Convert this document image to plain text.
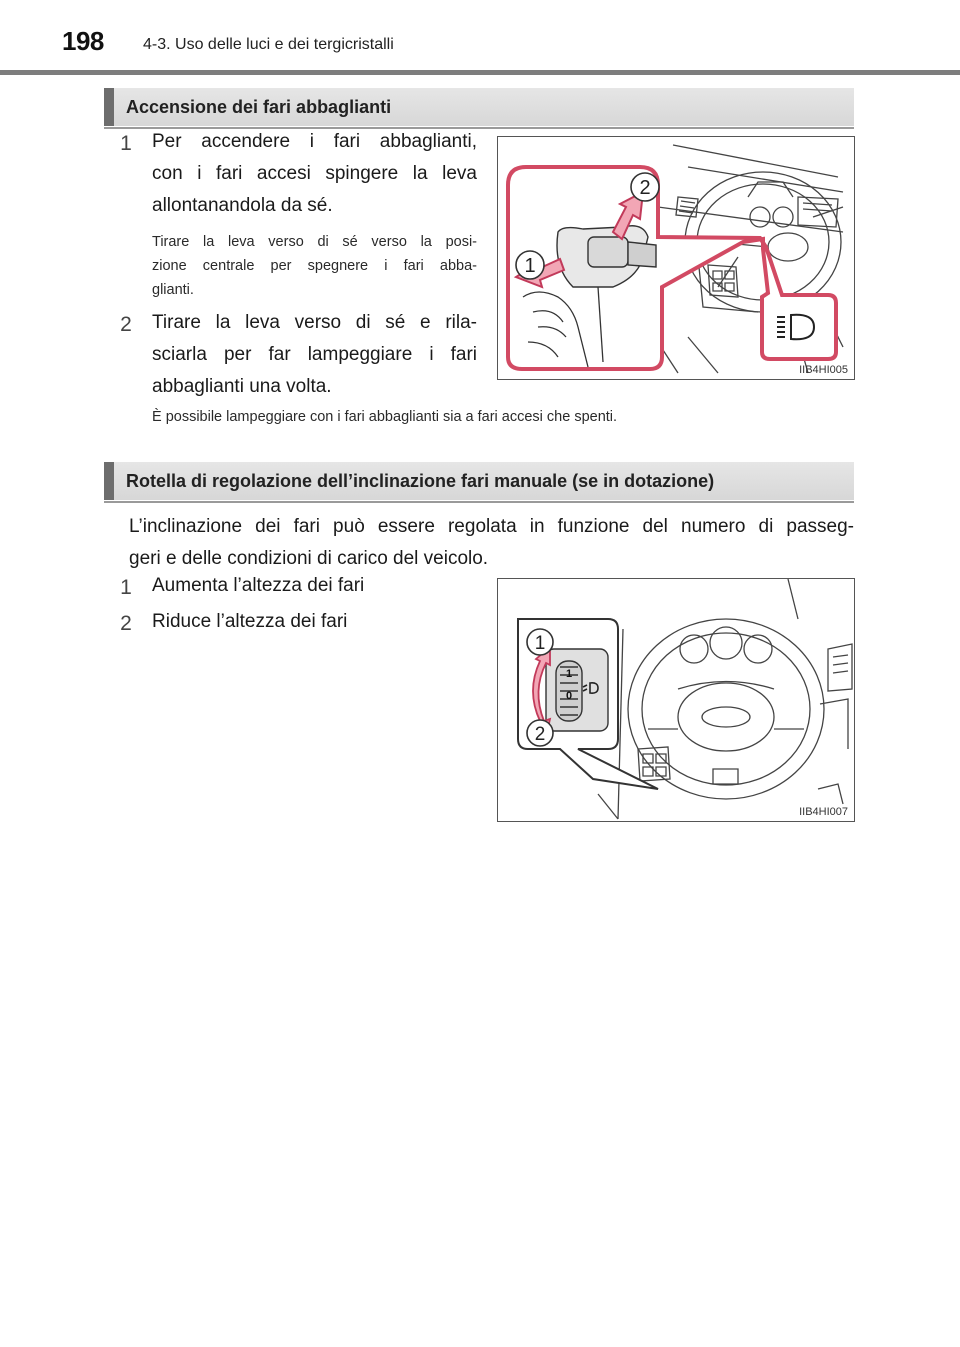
198 4-3. Uso delle luci e dei tergicristalli
Accensione dei fari abbaglianti
1	Per accendere i fari abbaglianti,
con i fari accesi spingere la leva
allontanandola da sé.
Tirare la leva verso di sé verso la posi-
zione centrale per spegnere i fari abba-
glianti.
2	Tirare la leva verso di sé e rila-
sciarla per far lampeggiare i fari
abbaglianti una volta.
È possibile lampeggiare con i fari abbaglianti sia a fari accesi che spenti.
2
1
IIB4HI005
Rotella di regolazione dell’inclinazione fari manuale (se in dotazione)
L’inclinazione dei fari può essere regolata in funzione del numero di passeg-
geri e delle condizioni di carico del veicolo.
1	Aumenta l’altezza dei fari
2	Riduce l’altezza dei fari
1
0
1
2
IIB4HI007
